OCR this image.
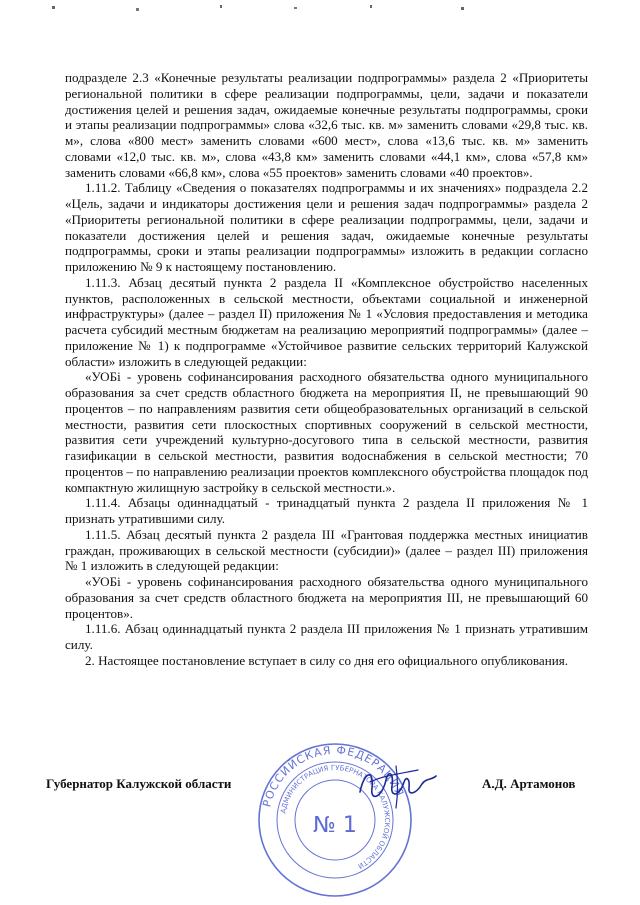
подразделе 2.3 «Конечные результаты реализации подпрограммы» раздела 2 «Приоритеты региональной политики в сфере реализации подпрограммы, цели, задачи и показатели достижения целей и решения задач, ожидаемые конечные результаты подпрограммы, сроки и этапы реализации подпрограммы» слова «32,6 тыс. кв. м» заменить словами «29,8 тыс. кв. м», слова «800 мест» заменить словами «600 мест», слова «13,6 тыс. кв. м» заменить словами «12,0 тыс. кв. м», слова «43,8 км» заменить словами «44,1 км», слова «57,8 км» заменить словами «66,8 км», слова «55 проектов» заменить словами «40 проектов».

1.11.2. Таблицу «Сведения о показателях подпрограммы и их значениях» подраздела 2.2 «Цель, задачи и индикаторы достижения цели и решения задач подпрограммы» раздела 2 «Приоритеты региональной политики в сфере реализации подпрограммы, цели, задачи и показатели достижения целей и решения задач, ожидаемые конечные результаты подпрограммы, сроки и этапы реализации подпрограммы» изложить в редакции согласно приложению № 9 к настоящему постановлению.

1.11.3. Абзац десятый пункта 2 раздела II «Комплексное обустройство населенных пунктов, расположенных в сельской местности, объектами социальной и инженерной инфраструктуры» (далее – раздел II) приложения № 1 «Условия предоставления и методика расчета субсидий местным бюджетам на реализацию мероприятий подпрограммы» (далее – приложение № 1) к подпрограмме «Устойчивое развитие сельских территорий Калужской области» изложить в следующей редакции:

«УОБi - уровень софинансирования расходного обязательства одного муниципального образования за счет средств областного бюджета на мероприятия II, не превышающий 90 процентов – по направлениям развития сети общеобразовательных организаций в сельской местности, развития сети плоскостных спортивных сооружений в сельской местности, развития сети учреждений культурно-досугового типа в сельской местности, развития газификации в сельской местности, развития водоснабжения в сельской местности; 70 процентов – по направлению реализации проектов комплексного обустройства площадок под компактную жилищную застройку в сельской местности.».

1.11.4. Абзацы одиннадцатый - тринадцатый пункта 2 раздела II приложения № 1 признать утратившими силу.

1.11.5. Абзац десятый пункта 2 раздела III «Грантовая поддержка местных инициатив граждан, проживающих в сельской местности (субсидии)» (далее – раздел III) приложения № 1 изложить в следующей редакции:

«УОБi - уровень софинансирования расходного обязательства одного муниципального образования за счет средств областного бюджета на мероприятия III, не превышающий 60 процентов».

1.11.6. Абзац одиннадцатый пункта 2 раздела III приложения № 1 признать утратившим силу.

2. Настоящее постановление вступает в силу со дня его официального опубликования.

РОССИЙСКАЯ ФЕДЕРАЦИЯ
АДМИНИСТРАЦИЯ ГУБЕРНАТОРА КАЛУЖСКОЙ ОБЛАСТИ
№ 1
Губернатор Калужской области	А.Д. Артамонов
